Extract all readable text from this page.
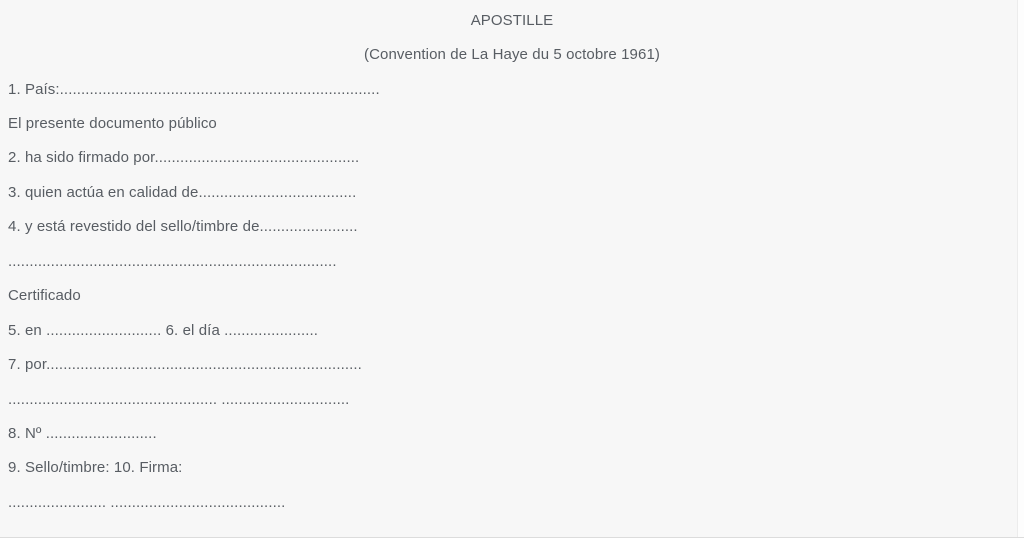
APOSTILLE
(Convention de La Haye du 5 octobre 1961)
1. País:...........................................................................
El presente documento público
2. ha sido firmado por................................................
3. quien actúa en calidad de.....................................
4. y está revestido del sello/timbre de.......................
.............................................................................
Certificado
5. en ........................... 6. el día ......................
7. por..........................................................................
................................................. ..............................
8. Nº ..........................
9. Sello/timbre: 10. Firma:
....................... .........................................
